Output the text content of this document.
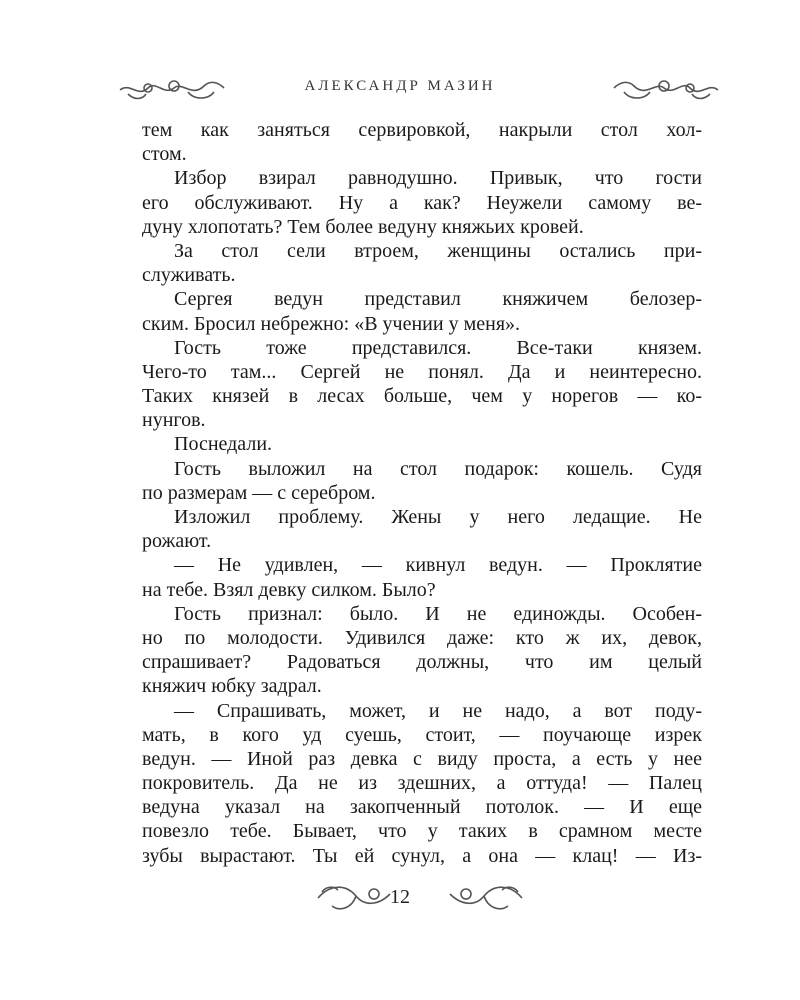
АЛЕКСАНДР МАЗИН
тем как заняться сервировкой, накрыли стол хол-
стом.
Избор взирал равнодушно. Привык, что гости
его обслуживают. Ну а как? Неужели самому ве-
дуну хлопотать? Тем более ведуну княжьих кровей.
За стол сели втроем, женщины остались при-
служивать.
Сергея ведун представил княжичем белозер-
ским. Бросил небрежно: «В учении у меня».
Гость тоже представился. Все-таки князем.
Чего-то там... Сергей не понял. Да и неинтересно.
Таких князей в лесах больше, чем у норегов — ко-
нунгов.
Поснедали.
Гость выложил на стол подарок: кошель. Судя
по размерам — с серебром.
Изложил проблему. Жены у него ледащие. Не
рожают.
— Не удивлен, — кивнул ведун. — Проклятие
на тебе. Взял девку силком. Было?
Гость признал: было. И не единожды. Особен-
но по молодости. Удивился даже: кто ж их, девок,
спрашивает? Радоваться должны, что им целый
княжич юбку задрал.
— Спрашивать, может, и не надо, а вот поду-
мать, в кого уд суешь, стоит, — поучающе изрек
ведун. — Иной раз девка с виду проста, а есть у нее
покровитель. Да не из здешних, а оттуда! — Палец
ведуна указал на закопченный потолок. — И еще
повезло тебе. Бывает, что у таких в срамном месте
зубы вырастают. Ты ей сунул, а она — клац! — Из-
12
